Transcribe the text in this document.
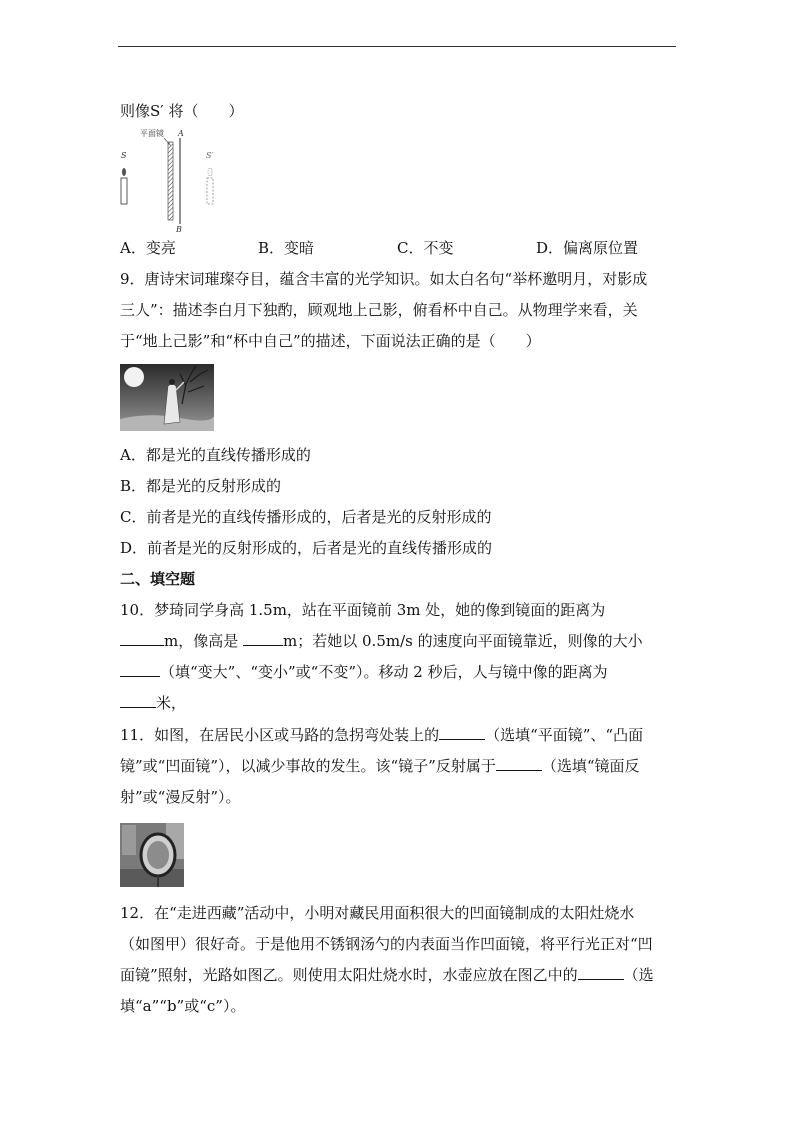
则像S′ 将（　　）
平面镜 A
B
S	S′
A．变亮	B．变暗	C．不变	D．偏离原位置
9．唐诗宋词璀璨夺目，蕴含丰富的光学知识。如太白名句“举杯邀明月，对影成
三人”：描述李白月下独酌，顾观地上己影，俯看杯中自己。从物理学来看，关
于“地上己影”和“杯中自己”的描述，下面说法正确的是（　　）
A．都是光的直线传播形成的
B．都是光的反射形成的
C．前者是光的直线传播形成的，后者是光的反射形成的
D．前者是光的反射形成的，后者是光的直线传播形成的
二、填空题
10．梦琦同学身高 1.5m，站在平面镜前 3m 处，她的像到镜面的距离为
m，像高是	m；若她以 0.5m/s 的速度向平面镜靠近，则像的大小
（填“变大”、“变小”或“不变”）。移动 2 秒后，人与镜中像的距离为
米，
11．如图，在居民小区或马路的急拐弯处装上的	（选填“平面镜”、“凸面
镜”或“凹面镜”），以减少事故的发生。该“镜子”反射属于	（选填“镜面反
射”或“漫反射”）。
12．在“走进西藏”活动中，小明对藏民用面积很大的凹面镜制成的太阳灶烧水
（如图甲）很好奇。于是他用不锈钢汤勺的内表面当作凹面镜，将平行光正对“凹
面镜”照射，光路如图乙。则使用太阳灶烧水时，水壶应放在图乙中的	（选
填“a”“b”或“c”）。
